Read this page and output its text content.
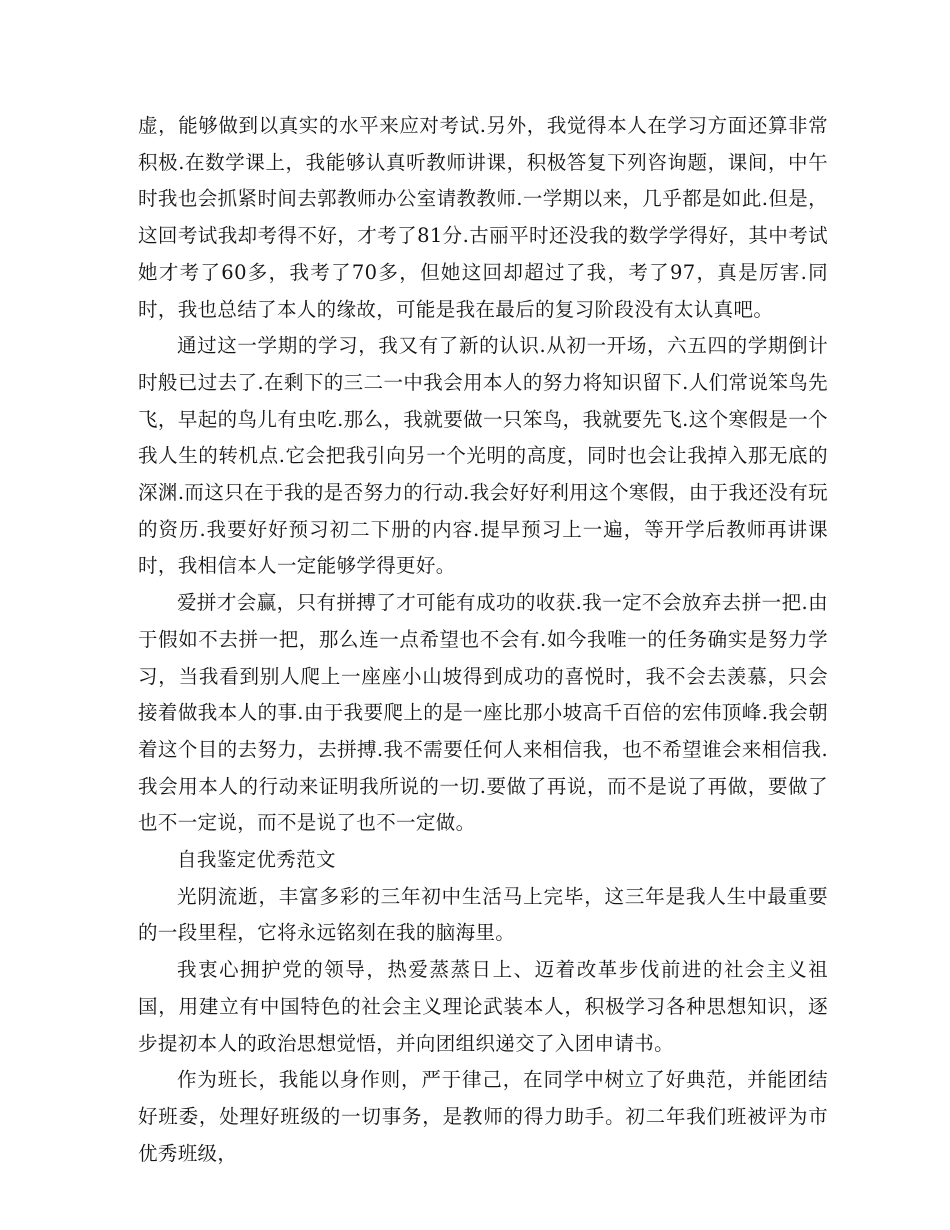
虚，能够做到以真实的水平来应对考试.另外，我觉得本人在学习方面还算非常积极.在数学课上，我能够认真听教师讲课，积极答复下列咨询题，课间，中午时我也会抓紧时间去郭教师办公室请教教师.一学期以来，几乎都是如此.但是，这回考试我却考得不好，才考了81分.古丽平时还没我的数学学得好，其中考试她才考了60多，我考了70多，但她这回却超过了我，考了97，真是厉害.同时，我也总结了本人的缘故，可能是我在最后的复习阶段没有太认真吧。

通过这一学期的学习，我又有了新的认识.从初一开场，六五四的学期倒计时般已过去了.在剩下的三二一中我会用本人的努力将知识留下.人们常说笨鸟先飞，早起的鸟儿有虫吃.那么，我就要做一只笨鸟，我就要先飞.这个寒假是一个我人生的转机点.它会把我引向另一个光明的高度，同时也会让我掉入那无底的深渊.而这只在于我的是否努力的行动.我会好好利用这个寒假，由于我还没有玩的资历.我要好好预习初二下册的内容.提早预习上一遍，等开学后教师再讲课时，我相信本人一定能够学得更好。

爱拼才会赢，只有拼搏了才可能有成功的收获.我一定不会放弃去拼一把.由于假如不去拼一把，那么连一点希望也不会有.如今我唯一的任务确实是努力学习，当我看到别人爬上一座座小山坡得到成功的喜悦时，我不会去羡慕，只会接着做我本人的事.由于我要爬上的是一座比那小坡高千百倍的宏伟顶峰.我会朝着这个目的去努力，去拼搏.我不需要任何人来相信我，也不希望谁会来相信我.我会用本人的行动来证明我所说的一切.要做了再说，而不是说了再做，要做了也不一定说，而不是说了也不一定做。

自我鉴定优秀范文

光阴流逝，丰富多彩的三年初中生活马上完毕，这三年是我人生中最重要的一段里程，它将永远铭刻在我的脑海里。

我衷心拥护党的领导，热爱蒸蒸日上、迈着改革步伐前进的社会主义祖国，用建立有中国特色的社会主义理论武装本人，积极学习各种思想知识，逐步提初本人的政治思想觉悟，并向团组织递交了入团申请书。

作为班长，我能以身作则，严于律己，在同学中树立了好典范，并能团结好班委，处理好班级的一切事务，是教师的得力助手。初二年我们班被评为市优秀班级，
